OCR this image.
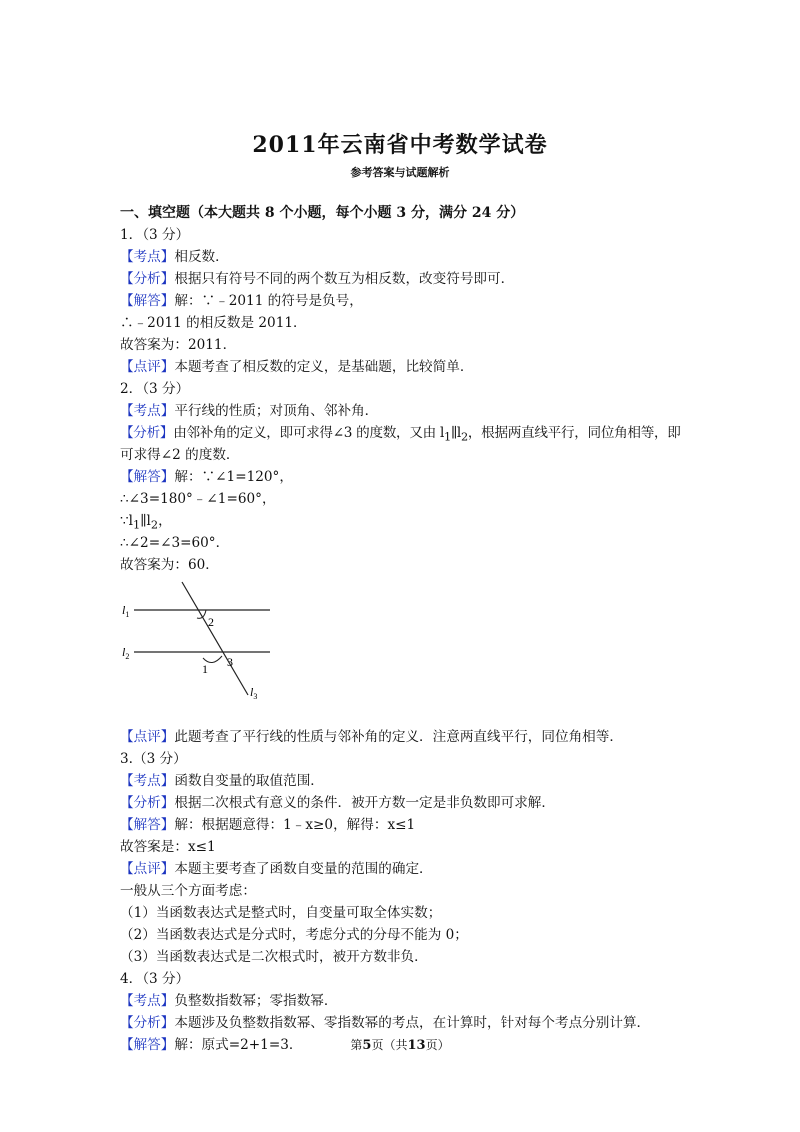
2011年云南省中考数学试卷
参考答案与试题解析
一、填空题（本大题共 8 个小题，每个小题 3 分，满分 24 分）
1．（3 分）
【考点】相反数．
【分析】根据只有符号不同的两个数互为相反数，改变符号即可．
【解答】解：∵﹣2011 的符号是负号，
∴﹣2011 的相反数是 2011．
故答案为：2011．
【点评】本题考查了相反数的定义，是基础题，比较简单．
2．（3 分）
【考点】平行线的性质；对顶角、邻补角．
【分析】由邻补角的定义，即可求得∠3 的度数，又由 $l_1\parallel l_2$，根据两直线平行，同位角相等，即
可求得∠2 的度数．
【解答】解：∵∠1=120°，
∴∠3=180°﹣∠1=60°，
$\because l_1\parallel l_2$，
∴∠2=∠3=60°．
故答案为：60．
$l_1$
$l_2$
$l_3$
2
1 3
【点评】此题考查了平行线的性质与邻补角的定义．注意两直线平行，同位角相等．
3.（3 分）
【考点】函数自变量的取值范围．
【分析】根据二次根式有意义的条件．被开方数一定是非负数即可求解．
【解答】解：根据题意得：1﹣x≥0，解得：x≤1
故答案是：x≤1
【点评】本题主要考查了函数自变量的范围的确定．
一般从三个方面考虑：
（1）当函数表达式是整式时，自变量可取全体实数；
（2）当函数表达式是分式时，考虑分式的分母不能为 0；
（3）当函数表达式是二次根式时，被开方数非负．
4．（3 分）
【考点】负整数指数幂；零指数幂．
【分析】本题涉及负整数指数幂、零指数幂的考点，在计算时，针对每个考点分别计算．
【解答】解：原式=2+1=3．	第5页（共13页）
